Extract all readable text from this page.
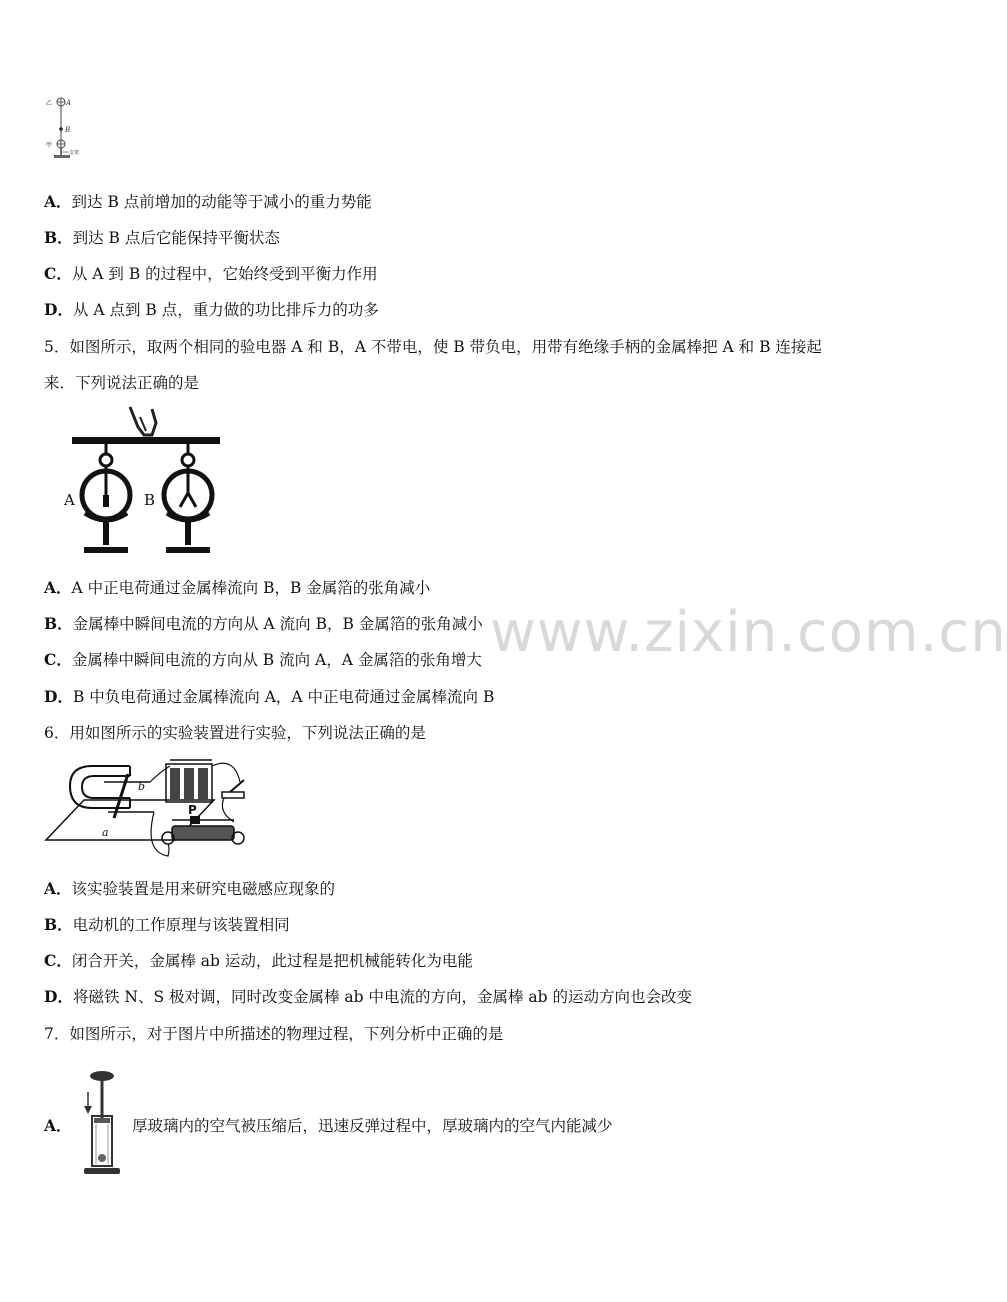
乙 A
B
甲
支架
A．到达 B 点前增加的动能等于减小的重力势能
B．到达 B 点后它能保持平衡状态
C．从 A 到 B 的过程中，它始终受到平衡力作用
D．从 A 点到 B 点，重力做的功比排斥力的功多
5．如图所示，取两个相同的验电器 A 和 B，A 不带电，使 B 带负电，用带有绝缘手柄的金属棒把 A 和 B 连接起
来．下列说法正确的是
A	B
A．A 中正电荷通过金属棒流向 B，B 金属箔的张角减小
B．金属棒中瞬间电流的方向从 A 流向 B，B 金属箔的张角减小
C．金属棒中瞬间电流的方向从 B 流向 A，A 金属箔的张角增大
D．B 中负电荷通过金属棒流向 A，A 中正电荷通过金属棒流向 B
6．用如图所示的实验装置进行实验，下列说法正确的是
b
a
P
A．该实验装置是用来研究电磁感应现象的
B．电动机的工作原理与该装置相同
C．闭合开关，金属棒 ab 运动，此过程是把机械能转化为电能
D．将磁铁 N、S 极对调，同时改变金属棒 ab 中电流的方向，金属棒 ab 的运动方向也会改变
7．如图所示，对于图片中所描述的物理过程，下列分析中正确的是
A．	厚玻璃内的空气被压缩后，迅速反弹过程中，厚玻璃内的空气内能减少
www.zixin.com.cn
